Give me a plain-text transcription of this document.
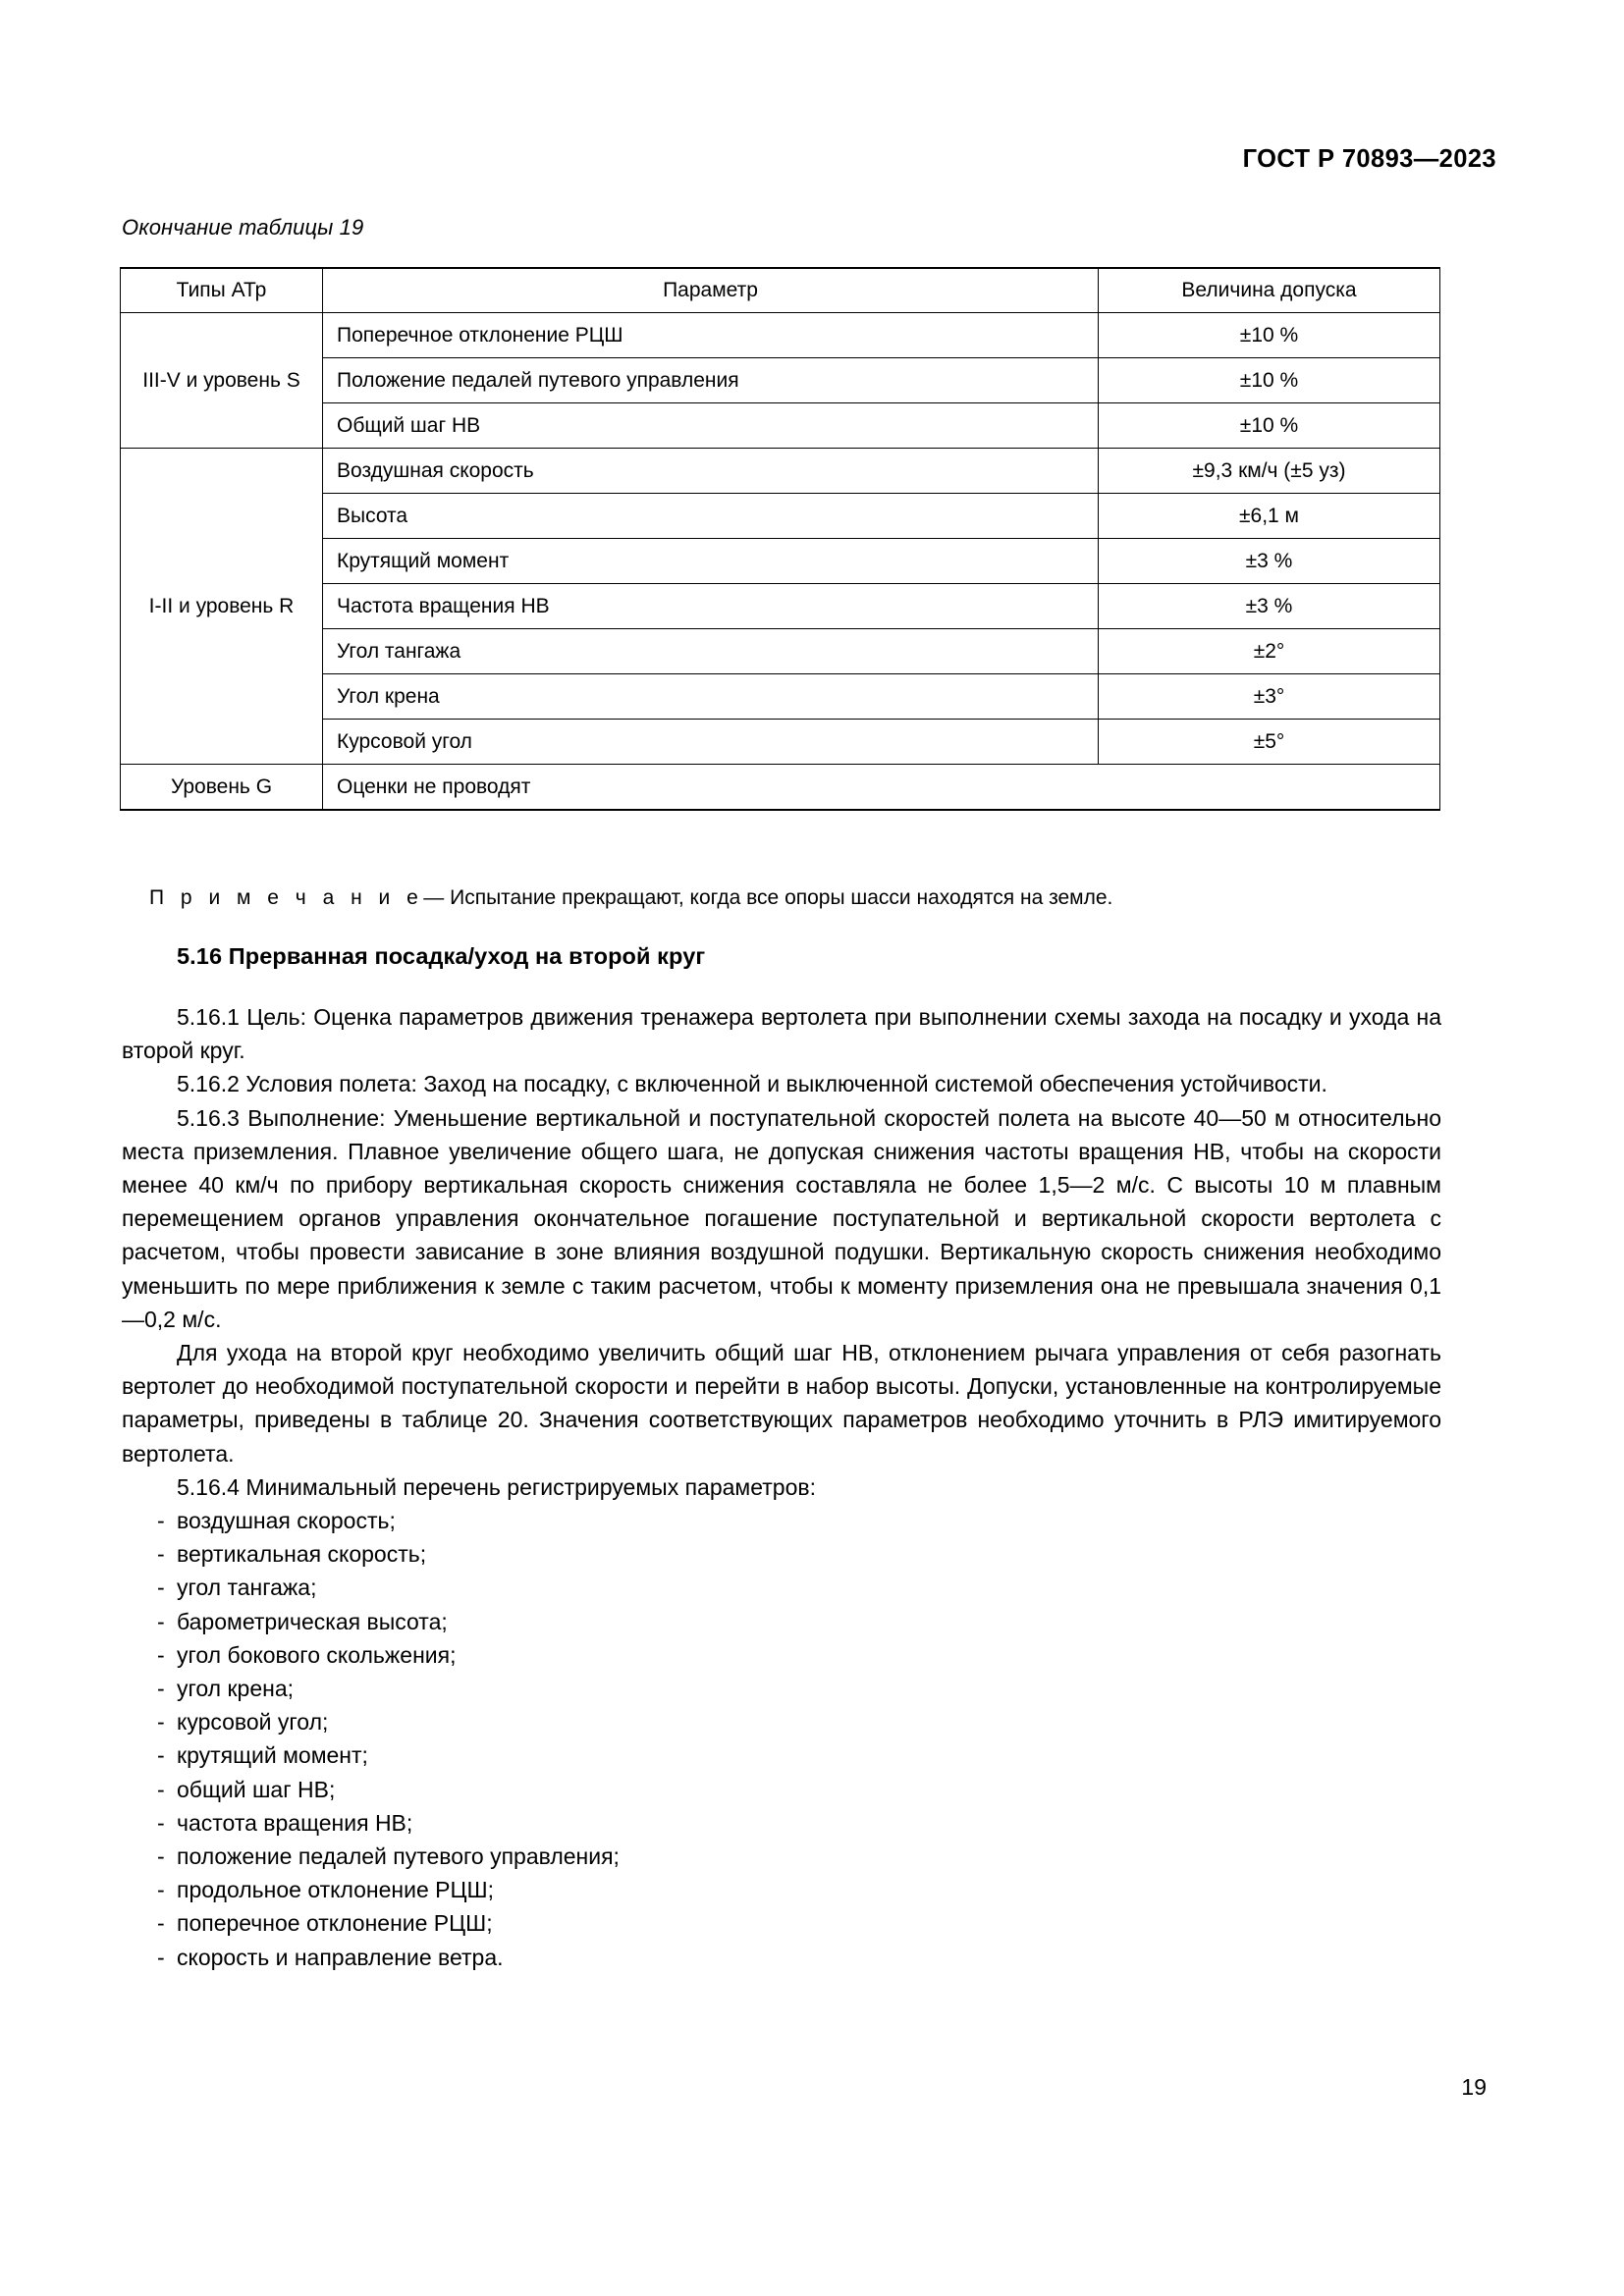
ГОСТ Р 70893—2023
Окончание таблицы 19
Типы АТр	Параметр	Величина допуска
III-V и уровень S	Поперечное отклонение РЦШ	±10 %
	Положение педалей путевого управления	±10 %
	Общий шаг НВ	±10 %
I-II и уровень R	Воздушная скорость	±9,3 км/ч (±5 уз)
	Высота	±6,1 м
	Крутящий момент	±3 %
	Частота вращения НВ	±3 %
	Угол тангажа	±2°
	Угол крена	±3°
	Курсовой угол	±5°
Уровень G	Оценки не проводят	
П р и м е ч а н и е— Испытание прекращают, когда все опоры шасси находятся на земле.
5.16 Прерванная посадка/уход на второй круг

5.16.1 Цель: Оценка параметров движения тренажера вертолета при выполнении схемы захода на посадку и ухода на второй круг.

5.16.2 Условия полета: Заход на посадку, с включенной и выключенной системой обеспечения устойчивости.

5.16.3 Выполнение: Уменьшение вертикальной и поступательной скоростей полета на высоте 40—50 м относительно места приземления. Плавное увеличение общего шага, не допуская снижения частоты вращения НВ, чтобы на скорости менее 40 км/ч по прибору вертикальная скорость снижения составляла не более 1,5—2 м/с. С высоты 10 м плавным перемещением органов управления окончательное погашение поступательной и вертикальной скорости вертолета с расчетом, чтобы провести зависание в зоне влияния воздушной подушки. Вертикальную скорость снижения необходимо уменьшить по мере приближения к земле с таким расчетом, чтобы к моменту приземления она не превышала значения 0,1—0,2 м/с.

Для ухода на второй круг необходимо увеличить общий шаг НВ, отклонением рычага управления от себя разогнать вертолет до необходимой поступательной скорости и перейти в набор высоты. Допуски, установленные на контролируемые параметры, приведены в таблице 20. Значения соответствующих параметров необходимо уточнить в РЛЭ имитируемого вертолета.

5.16.4 Минимальный перечень регистрируемых параметров:

- воздушная скорость;
- вертикальная скорость;
- угол тангажа;
- барометрическая высота;
- угол бокового скольжения;
- угол крена;
- курсовой угол;
- крутящий момент;
- общий шаг НВ;
- частота вращения НВ;
- положение педалей путевого управления;
- продольное отклонение РЦШ;
- поперечное отклонение РЦШ;
- скорость и направление ветра.
19
